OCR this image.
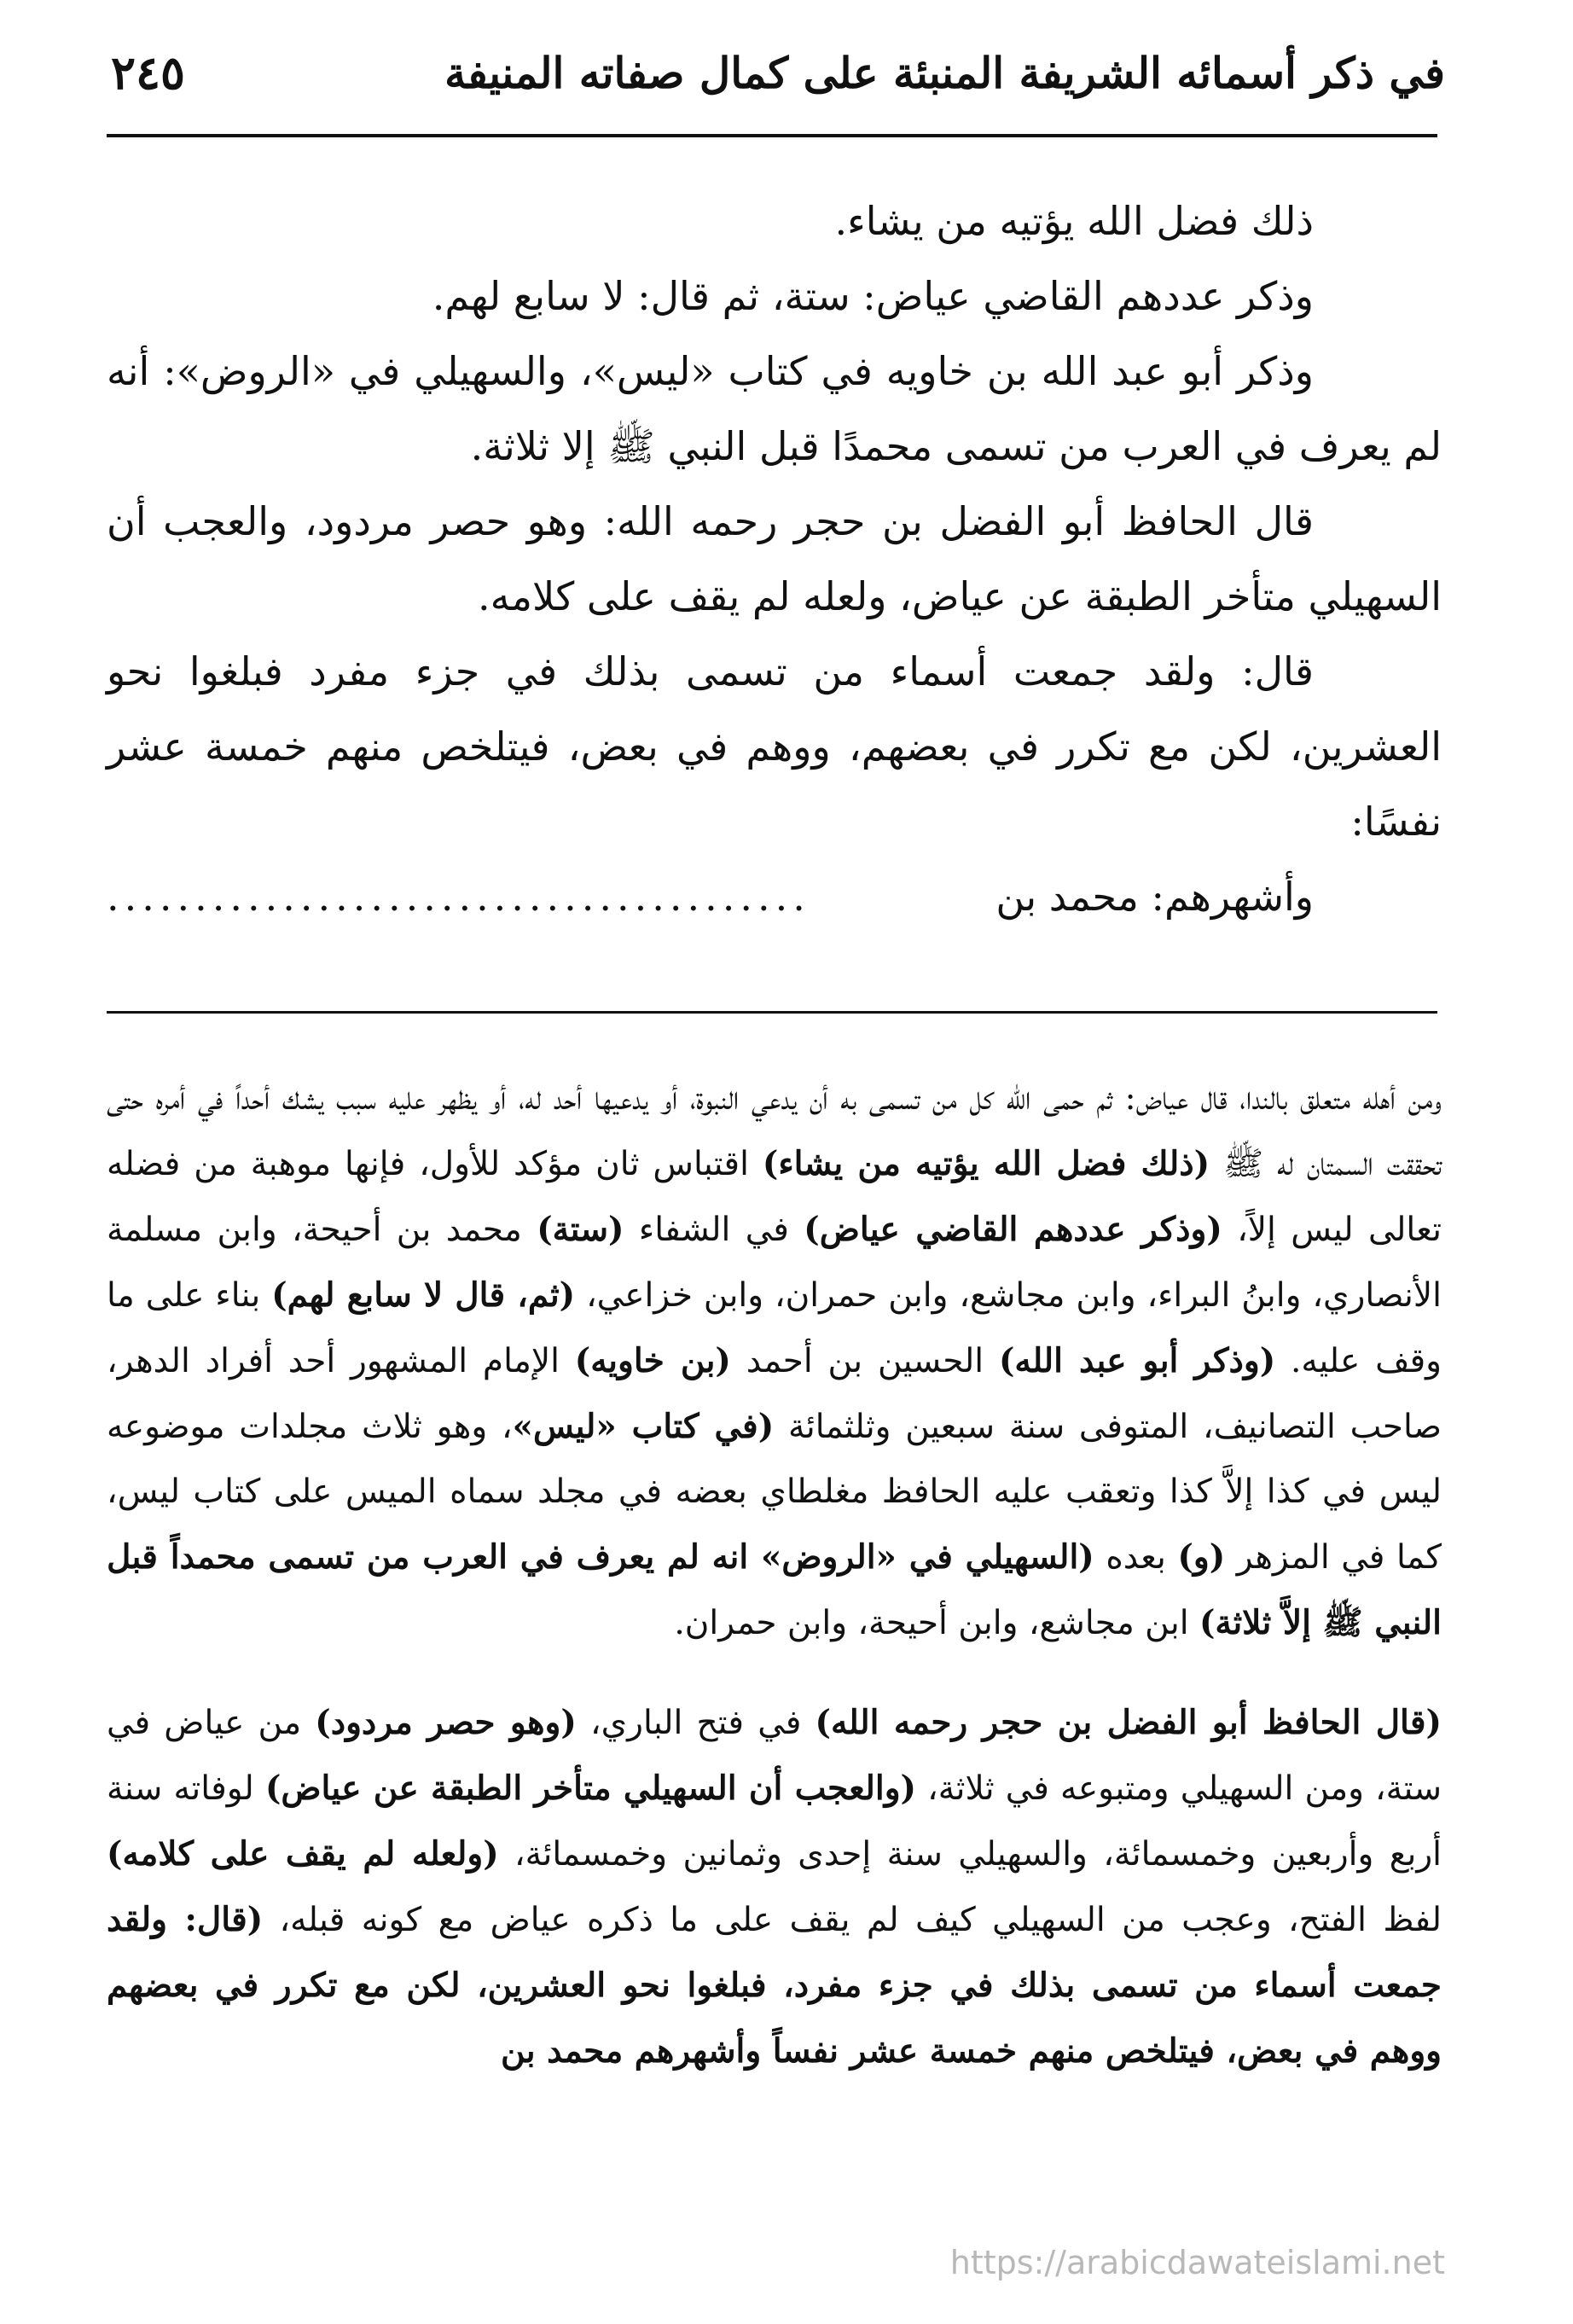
في ذكر أسمائه الشريفة المنبئة على كمال صفاته المنيفة
٢٤٥

ذلك فضل الله يؤتيه من يشاء.

وذكر عددهم القاضي عياض: ستة، ثم قال: لا سابع لهم.

وذكر أبو عبد الله بن خاويه في كتاب «ليس»، والسهيلي في «الروض»: أنه لم يعرف في العرب من تسمى محمدًا قبل النبي ﷺ إلا ثلاثة.

قال الحافظ أبو الفضل بن حجر رحمه الله: وهو حصر مردود، والعجب أن السهيلي متأخر الطبقة عن عياض، ولعله لم يقف على كلامه.

قال: ولقد جمعت أسماء من تسمى بذلك في جزء مفرد فبلغوا نحو العشرين، لكن مع تكرر في بعضهم، ووهم في بعض، فيتلخص منهم خمسة عشر نفسًا:

وأشهرهم: محمد بن
........................................

ومن أهله متعلق بالندا، قال عياض: ثم حمى الله كل من تسمى به أن يدعي النبوة، أو يدعيها أحد له، أو يظهر عليه سبب يشك أحداً في أمره حتى تحققت السمتان له ﷺ (ذلك فضل الله يؤتيه من يشاء) اقتباس ثان مؤكد للأول، فإنها موهبة من فضله تعالى ليس إلاً، (وذكر عددهم القاضي عياض) في الشفاء (ستة) محمد بن أحيحة، وابن مسلمة الأنصاري، وابنُ البراء، وابن مجاشع، وابن حمران، وابن خزاعي، (ثم، قال لا سابع لهم) بناء على ما وقف عليه. (وذكر أبو عبد الله) الحسين بن أحمد (بن خاويه) الإمام المشهور أحد أفراد الدهر، صاحب التصانيف، المتوفى سنة سبعين وثلثمائة (في كتاب «ليس»، وهو ثلاث مجلدات موضوعه ليس في كذا إلاَّ كذا وتعقب عليه الحافظ مغلطاي بعضه في مجلد سماه الميس على كتاب ليس، كما في المزهر (و) بعده (السهيلي في «الروض» انه لم يعرف في العرب من تسمى محمداً قبل النبي ﷺ إلاَّ ثلاثة) ابن مجاشع، وابن أحيحة، وابن حمران.

(قال الحافظ أبو الفضل بن حجر رحمه الله) في فتح الباري، (وهو حصر مردود) من عياض في ستة، ومن السهيلي ومتبوعه في ثلاثة، (والعجب أن السهيلي متأخر الطبقة عن عياض) لوفاته سنة أربع وأربعين وخمسمائة، والسهيلي سنة إحدى وثمانين وخمسمائة، (ولعله لم يقف على كلامه) لفظ الفتح، وعجب من السهيلي كيف لم يقف على ما ذكره عياض مع كونه قبله، (قال: ولقد جمعت أسماء من تسمى بذلك في جزء مفرد، فبلغوا نحو العشرين، لكن مع تكرر في بعضهم ووهم في بعض، فيتلخص منهم خمسة عشر نفساً وأشهرهم محمد بن

https://arabicdawateislami.net
